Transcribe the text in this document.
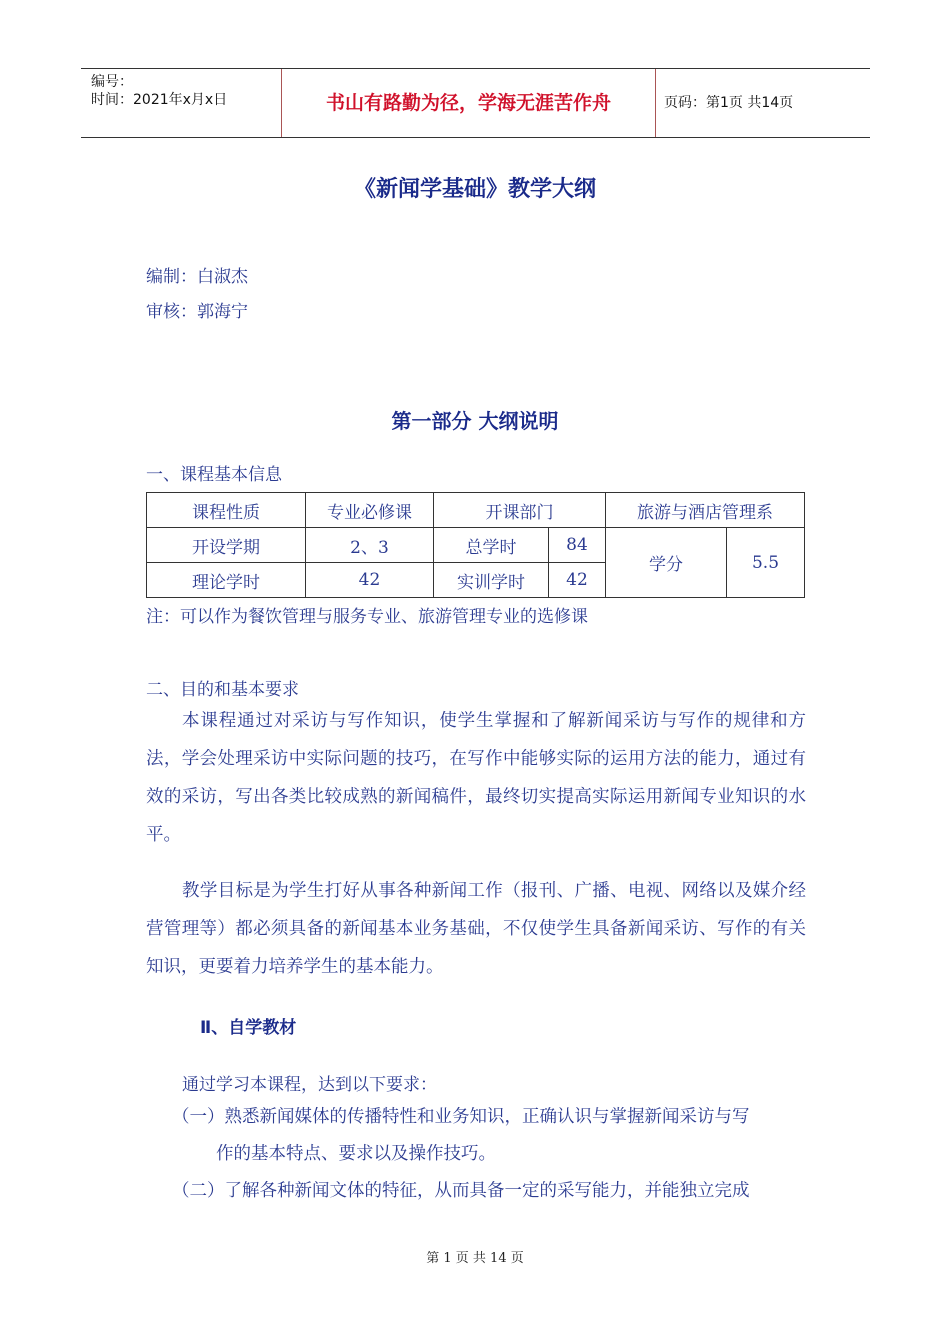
编号：
时间：2021年x月x日	书山有路勤为径，学海无涯苦作舟	页码：第1页 共14页
《新闻学基础》教学大纲
编制：白淑杰
审核：郭海宁
第一部分 大纲说明
一、课程基本信息
课程性质	专业必修课	开课部门		旅游与酒店管理系	
开设学期	2、3	总学时	84	学分	5.5
理论学时	42	实训学时	42		
注：可以作为餐饮管理与服务专业、旅游管理专业的选修课
二、目的和基本要求
本课程通过对采访与写作知识，使学生掌握和了解新闻采访与写作的规律和方法，学会处理采访中实际问题的技巧，在写作中能够实际的运用方法的能力，通过有效的采访，写出各类比较成熟的新闻稿件，最终切实提高实际运用新闻专业知识的水平。
教学目标是为学生打好从事各种新闻工作（报刊、广播、电视、网络以及媒介经营管理等）都必须具备的新闻基本业务基础，不仅使学生具备新闻采访、写作的有关知识，更要着力培养学生的基本能力。
Ⅱ、自学教材
通过学习本课程，达到以下要求：
（一）熟悉新闻媒体的传播特性和业务知识，正确认识与掌握新闻采访与写
作的基本特点、要求以及操作技巧。
（二）了解各种新闻文体的特征，从而具备一定的采写能力，并能独立完成
第 1 页 共 14 页
